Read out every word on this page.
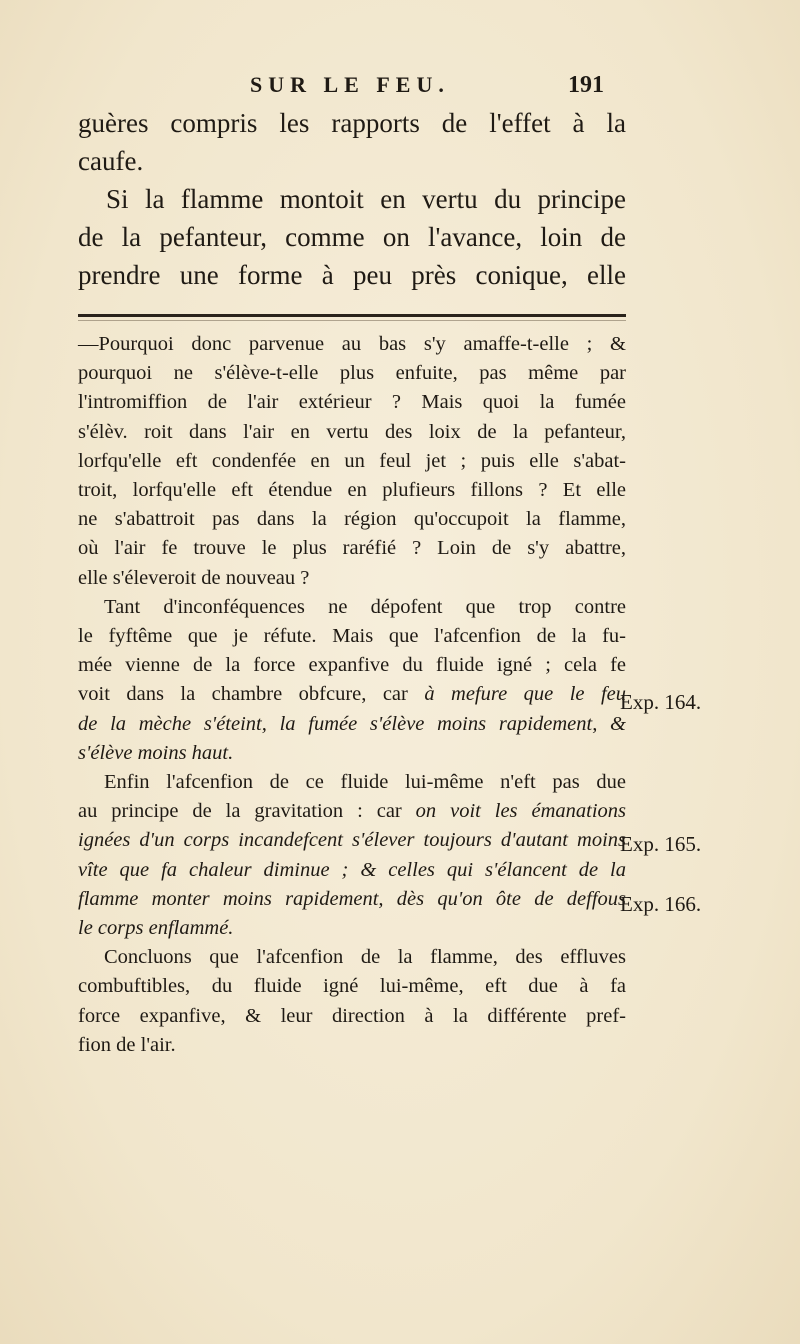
SUR LE FEU.	191
guères compris les rapports de l'effet à la
caufe.
Si la flamme montoit en vertu du principe
de la pefanteur, comme on l'avance, loin de
prendre une forme à peu près conique, elle
—Pourquoi donc parvenue au bas s'y amaffe-t-elle ; &
pourquoi ne s'élève-t-elle plus enfuite, pas même par
l'intromiffion de l'air extérieur ? Mais quoi la fumée
s'élèv. roit dans l'air en vertu des loix de la pefanteur,
lorfqu'elle eft condenfée en un feul jet ; puis elle s'abat-
troit, lorfqu'elle eft étendue en plufieurs fillons ? Et elle
ne s'abattroit pas dans la région qu'occupoit la flamme,
où l'air fe trouve le plus raréfié ? Loin de s'y abattre,
elle s'éleveroit de nouveau ?
Tant d'inconféquences ne dépofent que trop contre
le fyftême que je réfute. Mais que l'afcenfion de la fu-
mée vienne de la force expanfive du fluide igné ; cela fe
voit dans la chambre obfcure, car à mefure que le feu
de la mèche s'éteint, la fumée s'élève moins rapidement, &
s'élève moins haut.
Enfin l'afcenfion de ce fluide lui-même n'eft pas due
au principe de la gravitation : car on voit les émanations
ignées d'un corps incandefcent s'élever toujours d'autant moins
vîte que fa chaleur diminue ; & celles qui s'élancent de la
flamme monter moins rapidement, dès qu'on ôte de deffous
le corps enflammé.
Concluons que l'afcenfion de la flamme, des effluves
combuftibles, du fluide igné lui-même, eft due à fa
force expanfive, & leur direction à la différente pref-
fion de l'air.
Exp. 164.
Exp. 165.
Exp. 166.
